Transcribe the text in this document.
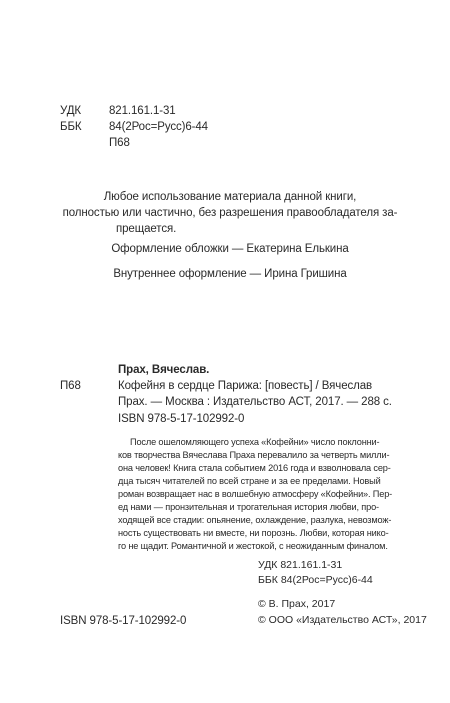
УДК 821.161.1-31
ББК 84(2Рос=Русс)6-44
П68
Любое использование материала данной книги,
полностью или частично, без разрешения правообладателя за-
прещается.
Оформление обложки — Екатерина Елькина
Внутреннее оформление — Ирина Гришина
Прах, Вячеслав.
П68	Кофейня в сердце Парижа: [повесть] / Вячеслав
Прах. — Москва : Издательство АСТ, 2017. — 288 с.
ISBN 978-5-17-102992-0
После ошеломляющего успеха «Кофейни» число поклонни-
ков творчества Вячеслава Праха перевалило за четверть милли-
она человек! Книга стала событием 2016 года и взволновала сер-
дца тысяч читателей по всей стране и за ее пределами. Новый
роман возвращает нас в волшебную атмосферу «Кофейни». Пер-
ед нами — пронзительная и трогательная история любви, про-
ходящей все стадии: опьянение, охлаждение, разлука, невозмож-
ность существовать ни вместе, ни порознь. Любви, которая нико-
го не щадит. Романтичной и жестокой, с неожиданным финалом.
УДК 821.161.1-31
ББК 84(2Рос=Русс)6-44
ISBN 978-5-17-102992-0
© В. Прах, 2017
© ООО «Издательство АСТ», 2017
